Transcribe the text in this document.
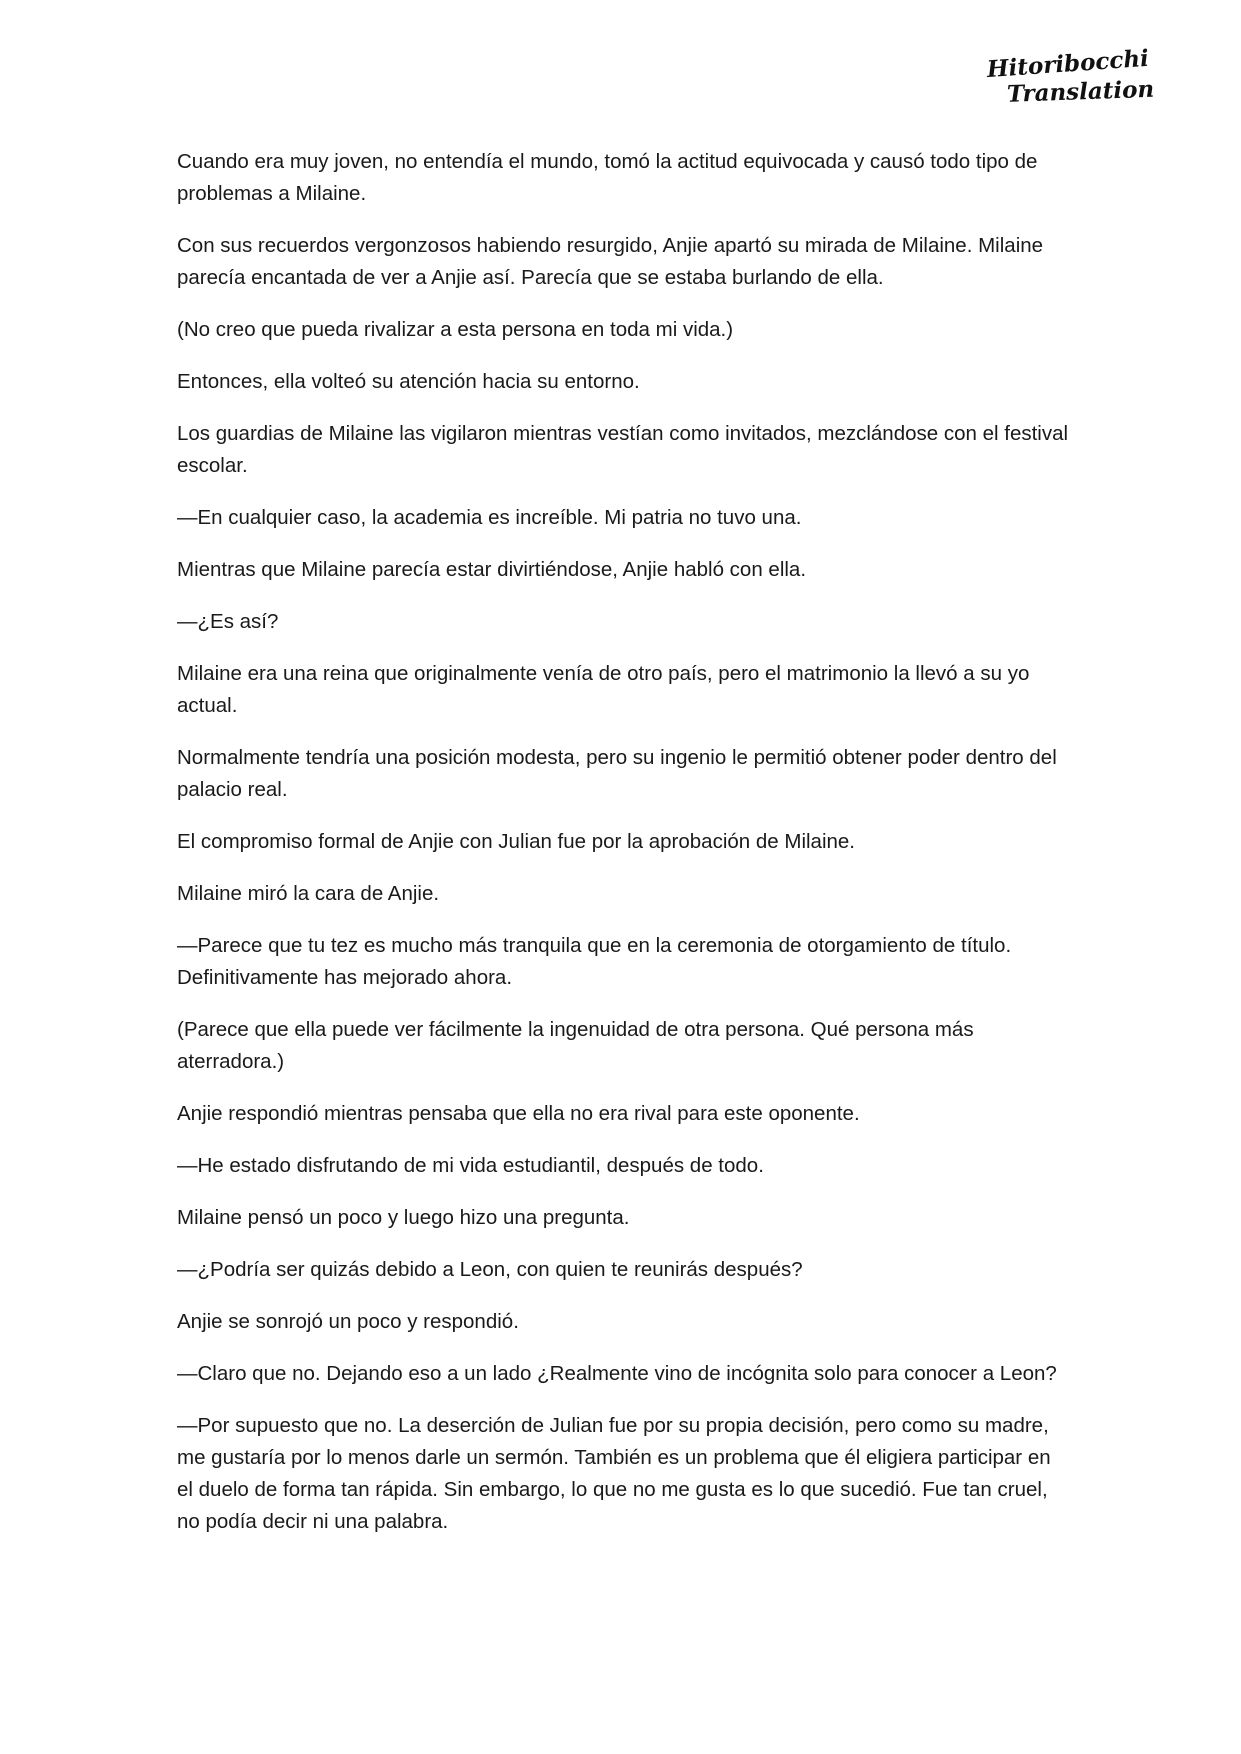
Hitoribocchi
Translation

Cuando era muy joven, no entendía el mundo, tomó la actitud equivocada y causó todo tipo de problemas a Milaine.

Con sus recuerdos vergonzosos habiendo resurgido, Anjie apartó su mirada de Milaine. Milaine parecía encantada de ver a Anjie así. Parecía que se estaba burlando de ella.

(No creo que pueda rivalizar a esta persona en toda mi vida.)

Entonces, ella volteó su atención hacia su entorno.

Los guardias de Milaine las vigilaron mientras vestían como invitados, mezclándose con el festival escolar.

—En cualquier caso, la academia es increíble. Mi patria no tuvo una.

Mientras que Milaine parecía estar divirtiéndose, Anjie habló con ella.

—¿Es así?

Milaine era una reina que originalmente venía de otro país, pero el matrimonio la llevó a su yo actual.

Normalmente tendría una posición modesta, pero su ingenio le permitió obtener poder dentro del palacio real.

El compromiso formal de Anjie con Julian fue por la aprobación de Milaine.

Milaine miró la cara de Anjie.

—Parece que tu tez es mucho más tranquila que en la ceremonia de otorgamiento de título. Definitivamente has mejorado ahora.

(Parece que ella puede ver fácilmente la ingenuidad de otra persona. Qué persona más aterradora.)

Anjie respondió mientras pensaba que ella no era rival para este oponente.

—He estado disfrutando de mi vida estudiantil, después de todo.

Milaine pensó un poco y luego hizo una pregunta.

—¿Podría ser quizás debido a Leon, con quien te reunirás después?

Anjie se sonrojó un poco y respondió.

—Claro que no. Dejando eso a un lado ¿Realmente vino de incógnita solo para conocer a Leon?

—Por supuesto que no. La deserción de Julian fue por su propia decisión, pero como su madre, me gustaría por lo menos darle un sermón. También es un problema que él eligiera participar en el duelo de forma tan rápida. Sin embargo, lo que no me gusta es lo que sucedió. Fue tan cruel, no podía decir ni una palabra.
